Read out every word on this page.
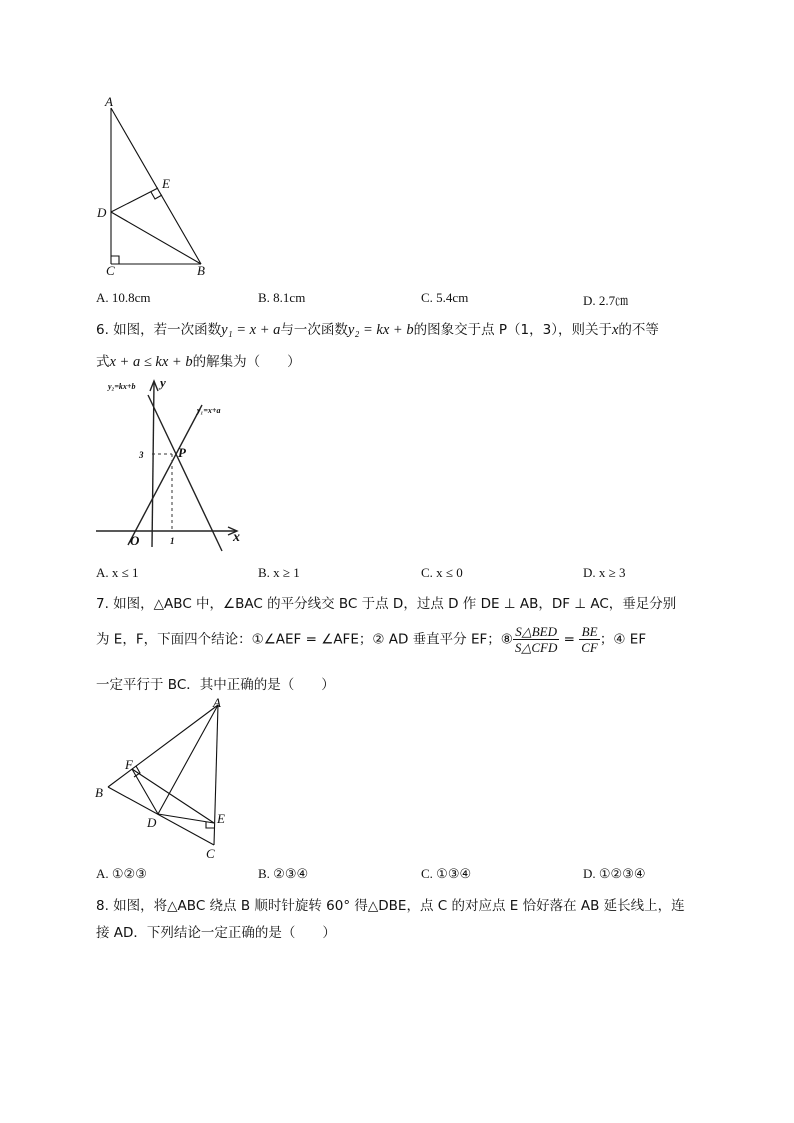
A
E
D
C	B
A. 10.8cm	B. 8.1cm	C. 5.4cm	D. 2.7㎝
6. 如图，若一次函数y₁ = x + a与一次函数y₂ = kx + b的图象交于点 P（1，3），则关于x的不等
式x + a ≤ kx + b的解集为（　　）
y₂=kx+b y
y₁=x+a
3	P
O	1	x
A. x ≤ 1	B. x ≥ 1	C. x ≤ 0	D. x ≥ 3
7. 如图，△ABC 中，∠BAC 的平分线交 BC 于点 D，过点 D 作 DE ⊥ AB，DF ⊥ AC，垂足分别
为 E，F，下面四个结论：①∠AEF = ∠AFE；② AD 垂直平分 EF；⑧ $\frac{\text{S△BED}}{\text{S△CFD}} = \frac{BE}{CF}$ ；④ EF
一定平行于 BC．其中正确的是（　　）
A
F
B
D	E
C
A. ①②③	B. ②③④	C. ①③④	D. ①②③④
8. 如图，将△ABC 绕点 B 顺时针旋转 60° 得△DBE，点 C 的对应点 E 恰好落在 AB 延长线上，连
接 AD．下列结论一定正确的是（　　）
